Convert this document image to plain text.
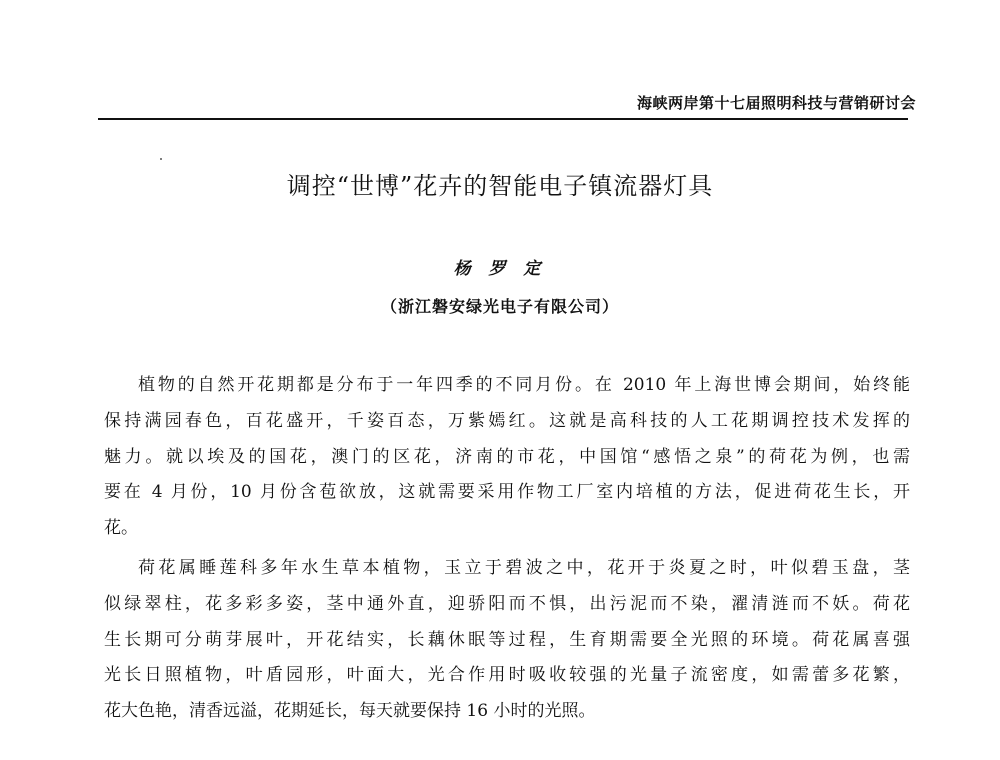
海峡两岸第十七届照明科技与营销研讨会
调控“世博”花卉的智能电子镇流器灯具
杨 罗 定
（浙江磐安绿光电子有限公司）
植物的自然开花期都是分布于一年四季的不同月份。在 2010 年上海世博会期间，始终能
保持满园春色，百花盛开，千姿百态，万紫嫣红。这就是高科技的人工花期调控技术发挥的
魅力。就以埃及的国花，澳门的区花，济南的市花，中国馆“感悟之泉”的荷花为例，也需
要在 4 月份，10 月份含苞欲放，这就需要采用作物工厂室内培植的方法，促进荷花生长，开
花。
荷花属睡莲科多年水生草本植物，玉立于碧波之中，花开于炎夏之时，叶似碧玉盘，茎
似绿翠柱，花多彩多姿，茎中通外直，迎骄阳而不惧，出污泥而不染，濯清涟而不妖。荷花
生长期可分萌芽展叶，开花结实，长藕休眠等过程，生育期需要全光照的环境。荷花属喜强
光长日照植物，叶盾园形，叶面大，光合作用时吸收较强的光量子流密度，如需蕾多花繁，
花大色艳，清香远溢，花期延长，每天就要保持 16 小时的光照。
